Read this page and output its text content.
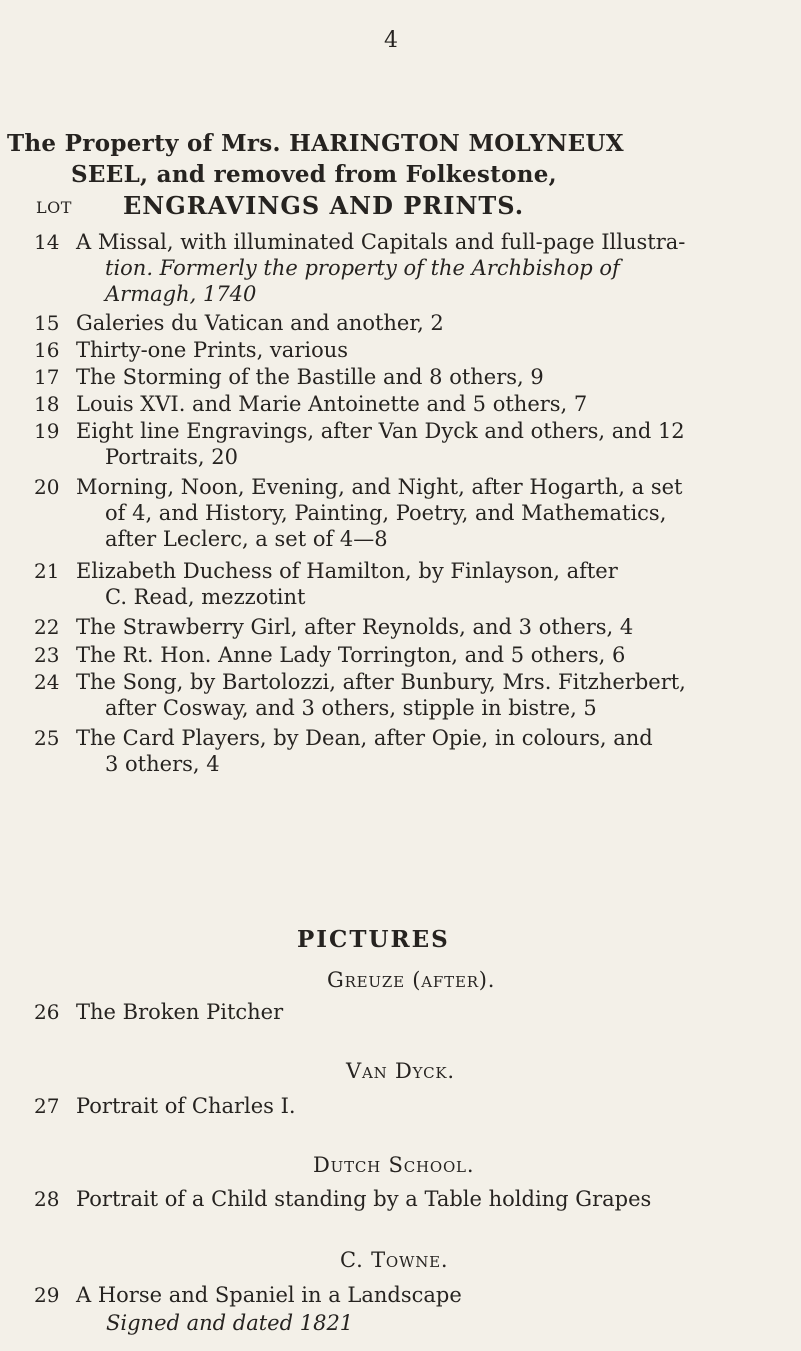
4
The Property of Mrs. HARINGTON MOLYNEUX
SEEL, and removed from Folkestone,
ENGRAVINGS AND PRINTS.
LOT
14 A Missal, with illuminated Capitals and full-page Illustra-
tion. Formerly the property of the Archbishop of
Armagh, 1740
15 Galeries du Vatican and another, 2
16 Thirty-one Prints, various
17 The Storming of the Bastille and 8 others, 9
18 Louis XVI. and Marie Antoinette and 5 others, 7
19 Eight line Engravings, after Van Dyck and others, and 12
Portraits, 20
20 Morning, Noon, Evening, and Night, after Hogarth, a set
of 4, and History, Painting, Poetry, and Mathematics,
after Leclerc, a set of 4—8
21 Elizabeth Duchess of Hamilton, by Finlayson, after
C. Read, mezzotint
22 The Strawberry Girl, after Reynolds, and 3 others, 4
23 The Rt. Hon. Anne Lady Torrington, and 5 others, 6
24 The Song, by Bartolozzi, after Bunbury, Mrs. Fitzherbert,
after Cosway, and 3 others, stipple in bistre, 5
25 The Card Players, by Dean, after Opie, in colours, and
3 others, 4
PICTURES
Greuze (after).
26 The Broken Pitcher
Van Dyck.
27 Portrait of Charles I.
Dutch School.
28 Portrait of a Child standing by a Table holding Grapes
C. Towne.
29 A Horse and Spaniel in a Landscape
Signed and dated 1821
